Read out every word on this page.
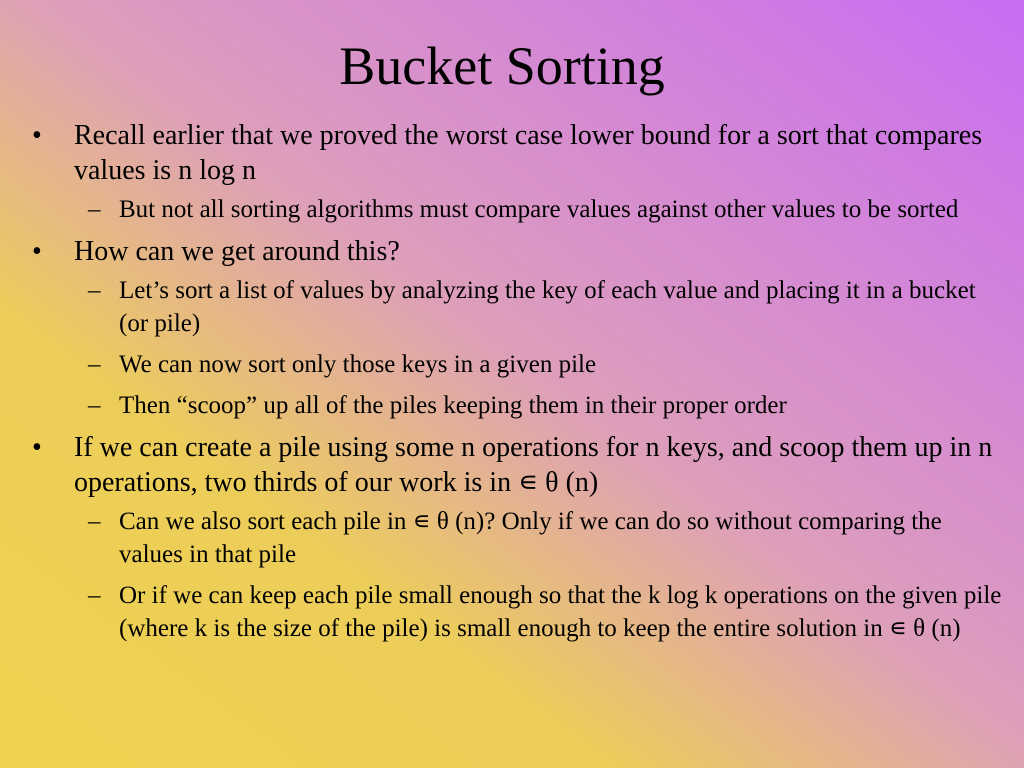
Bucket Sorting
• Recall earlier that we proved the worst case lower bound for a sort that compares values is n log n
– But not all sorting algorithms must compare values against other values to be sorted
• How can we get around this?
– Let’s sort a list of values by analyzing the key of each value and placing it in a bucket (or pile)
– We can now sort only those keys in a given pile
– Then “scoop” up all of the piles keeping them in their proper order
• If we can create a pile using some n operations for n keys, and scoop them up in n operations, two thirds of our work is in ∊ θ (n)
– Can we also sort each pile in ∊ θ (n)? Only if we can do so without comparing the values in that pile
– Or if we can keep each pile small enough so that the k log k operations on the given pile (where k is the size of the pile) is small enough to keep the entire solution in ∊ θ (n)
